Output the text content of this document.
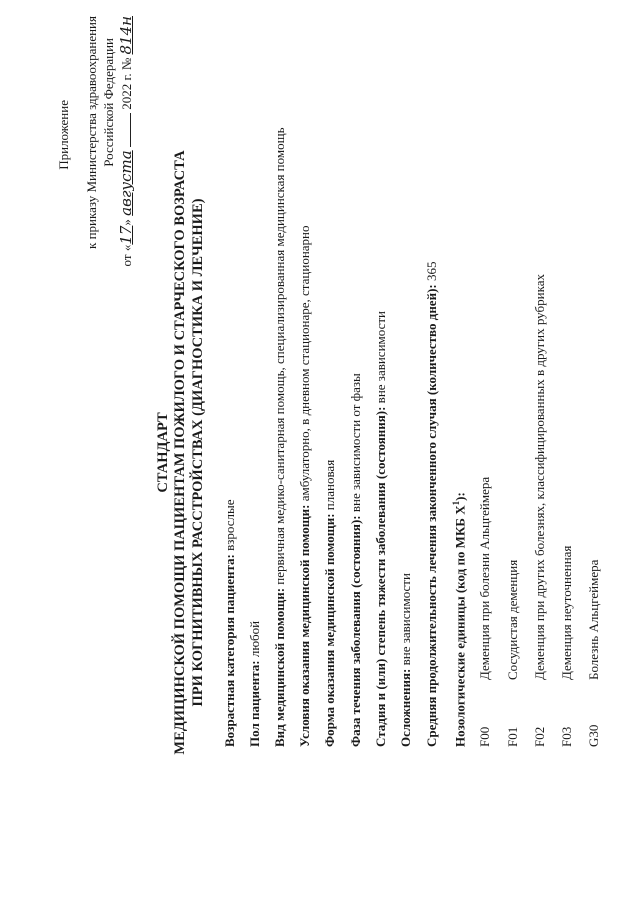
Приложение к приказу Министерства здравоохранения Российской Федерации
от «17» августа  2022 г. № 814н
СТАНДАРТ МЕДИЦИНСКОЙ ПОМОЩИ ПАЦИЕНТАМ ПОЖИЛОГО И СТАРЧЕСКОГО ВОЗРАСТА ПРИ КОГНИТИВНЫХ РАССТРОЙСТВАХ (ДИАГНОСТИКА И ЛЕЧЕНИЕ) Возрастная категория пациента: взрослые
Пол пациента: любой Вид медицинской помощи: первичная медико-санитарная помощь, специализированная медицинская помощь
Условия оказания медицинской помощи: амбулаторно, в дневном стационаре, стационарно
Форма оказания медицинской помощи: плановая
Фаза течения заболевания (состояния): вне зависимости от фазы Стадия и (или) степень тяжести заболевания (состояния): вне зависимости
Осложнения: вне зависимости Средняя продолжительность лечения законченного случая (количество дней): 365
Нозологические единицы (код по МКБ $X^1$):
F00
Деменция при болезни Альцгеймера
F01
Сосудистая деменция
F02
Деменция при других болезнях, классифицированных в других рубриках
F03
Деменция неуточненная
G30
Болезнь Альцгеймера
